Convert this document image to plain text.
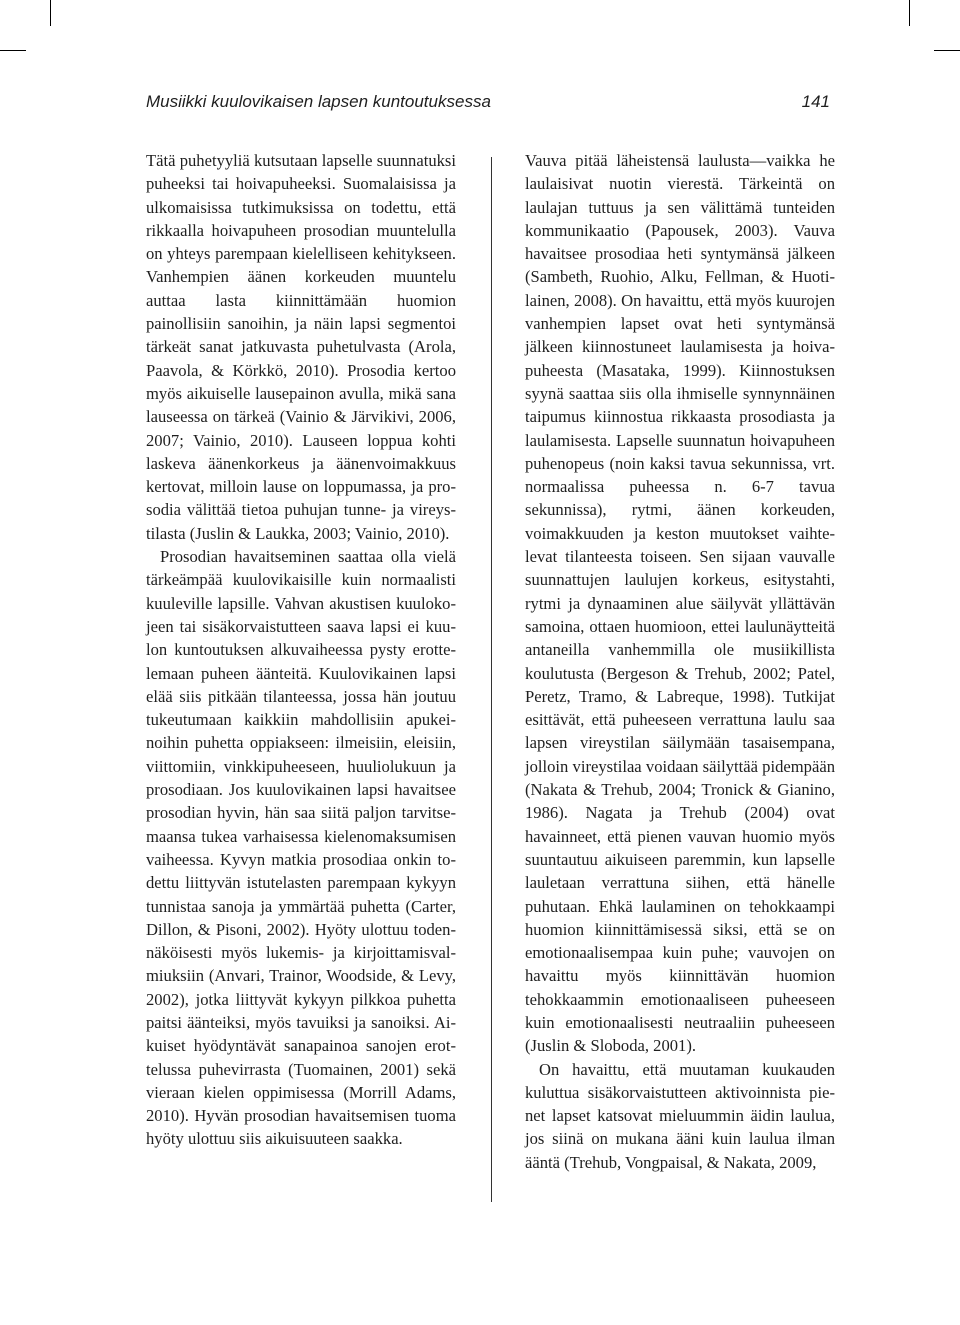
Musiikki kuulovikaisen lapsen kuntoutuksessa	141

Tätä puhetyyliä kutsutaan lapselle suunnatuksi puheeksi tai hoivapuheeksi. Suomalaisissa ja ulkomaisissa tutkimuksissa on todettu, että rikkaalla hoivapuheen prosodian muuntelulla on yhteys parempaan kielelliseen kehitykseen. Vanhempien äänen korkeuden muuntelu auttaa lasta kiinnittämään huomion painollisiin sanoihin, ja näin lapsi segmentoi tärkeät sanat jatkuvasta puhetulvasta (Arola, Paavola, & Körkkö, 2010). Prosodia kertoo myös aikuiselle lausepainon avulla, mikä sana lauseessa on tärkeä (Vainio & Järvikivi, 2006, 2007; Vainio, 2010). Lauseen loppua kohti laskeva äänenkorkeus ja äänenvoimakkuus kertovat, milloin lause on loppumassa, ja prosodia välittää tietoa puhujan tunne- ja vireystilasta (Juslin & Laukka, 2003; Vainio, 2010).

Prosodian havaitseminen saattaa olla vielä tärkeämpää kuulovikaisille kuin normaalisti kuuleville lapsille. Vahvan akustisen kuulokojeen tai sisäkorvaistutteen saava lapsi ei kuulon kuntoutuksen alkuvaiheessa pysty erottelemaan puheen äänteitä. Kuulovikainen lapsi elää siis pitkään tilanteessa, jossa hän joutuu tukeutumaan kaikkiin mahdollisiin apukeinoihin puhetta oppiakseen: ilmeisiin, eleisiin, viittomiin, vinkkipuheeseen, huuliolukuun ja prosodiaan. Jos kuulovikainen lapsi havaitsee prosodian hyvin, hän saa siitä paljon tarvitsemaansa tukea varhaisessa kielenomaksumisen vaiheessa. Kyvyn matkia prosodiaa onkin todettu liittyvän istutelasten parempaan kykyyn tunnistaa sanoja ja ymmärtää puhetta (Carter, Dillon, & Pisoni, 2002). Hyöty ulottuu todennäköisesti myös lukemis- ja kirjoittamisvalmiuksiin (Anvari, Trainor, Woodside, & Levy, 2002), jotka liittyvät kykyyn pilkkoa puhetta paitsi äänteiksi, myös tavuiksi ja sanoiksi. Aikuiset hyödyntävät sanapainoa sanojen erottelussa puhevirrasta (Tuomainen, 2001) sekä vieraan kielen oppimisessa (Morrill Adams, 2010). Hyvän prosodian havaitsemisen tuoma hyöty ulottuu siis aikuisuuteen saakka.

Vauva pitää läheistensä laulusta—vaikka he laulaisivat nuotin vierestä. Tärkeintä on laulajan tuttuus ja sen välittämä tunteiden kommunikaatio (Papousek, 2003). Vauva havaitsee prosodiaa heti syntymänsä jälkeen (Sambeth, Ruohio, Alku, Fellman, & Huotilainen, 2008). On havaittu, että myös kuurojen vanhempien lapset ovat heti syntymänsä jälkeen kiinnostuneet laulamisesta ja hoivapuheesta (Masataka, 1999). Kiinnostuksen syynä saattaa siis olla ihmiselle synnynnäinen taipumus kiinnostua rikkaasta prosodiasta ja laulamisesta. Lapselle suunnatun hoivapuheen puhenopeus (noin kaksi tavua sekunnissa, vrt. normaalissa puheessa n. 6-7 tavua sekunnissa), rytmi, äänen korkeuden, voimakkuuden ja keston muutokset vaihtelevat tilanteesta toiseen. Sen sijaan vauvalle suunnattujen laulujen korkeus, esitystahti, rytmi ja dynaaminen alue säilyvät yllättävän samoina, ottaen huomioon, ettei laulunäytteitä antaneilla vanhemmilla ole musiikillista koulutusta (Bergeson & Trehub, 2002; Patel, Peretz, Tramo, & Labreque, 1998). Tutkijat esittävät, että puheeseen verrattuna laulu saa lapsen vireystilan säilymään tasaisempana, jolloin vireystilaa voidaan säilyttää pidempään (Nakata & Trehub, 2004; Tronick & Gianino, 1986). Nagata ja Trehub (2004) ovat havainneet, että pienen vauvan huomio myös suuntautuu aikuiseen paremmin, kun lapselle lauletaan verrattuna siihen, että hänelle puhutaan. Ehkä laulaminen on tehokkaampi huomion kiinnittämisessä siksi, että se on emotionaalisempaa kuin puhe; vauvojen on havaittu myös kiinnittävän huomion tehokkaammin emotionaaliseen puheeseen kuin emotionaalisesti neutraaliin puheeseen (Juslin & Sloboda, 2001).

On havaittu, että muutaman kuukauden kuluttua sisäkorvaistutteen aktivoinnista pienet lapset katsovat mieluummin äidin laulua, jos siinä on mukana ääni kuin laulua ilman ääntä (Trehub, Vongpaisal, & Nakata, 2009,
